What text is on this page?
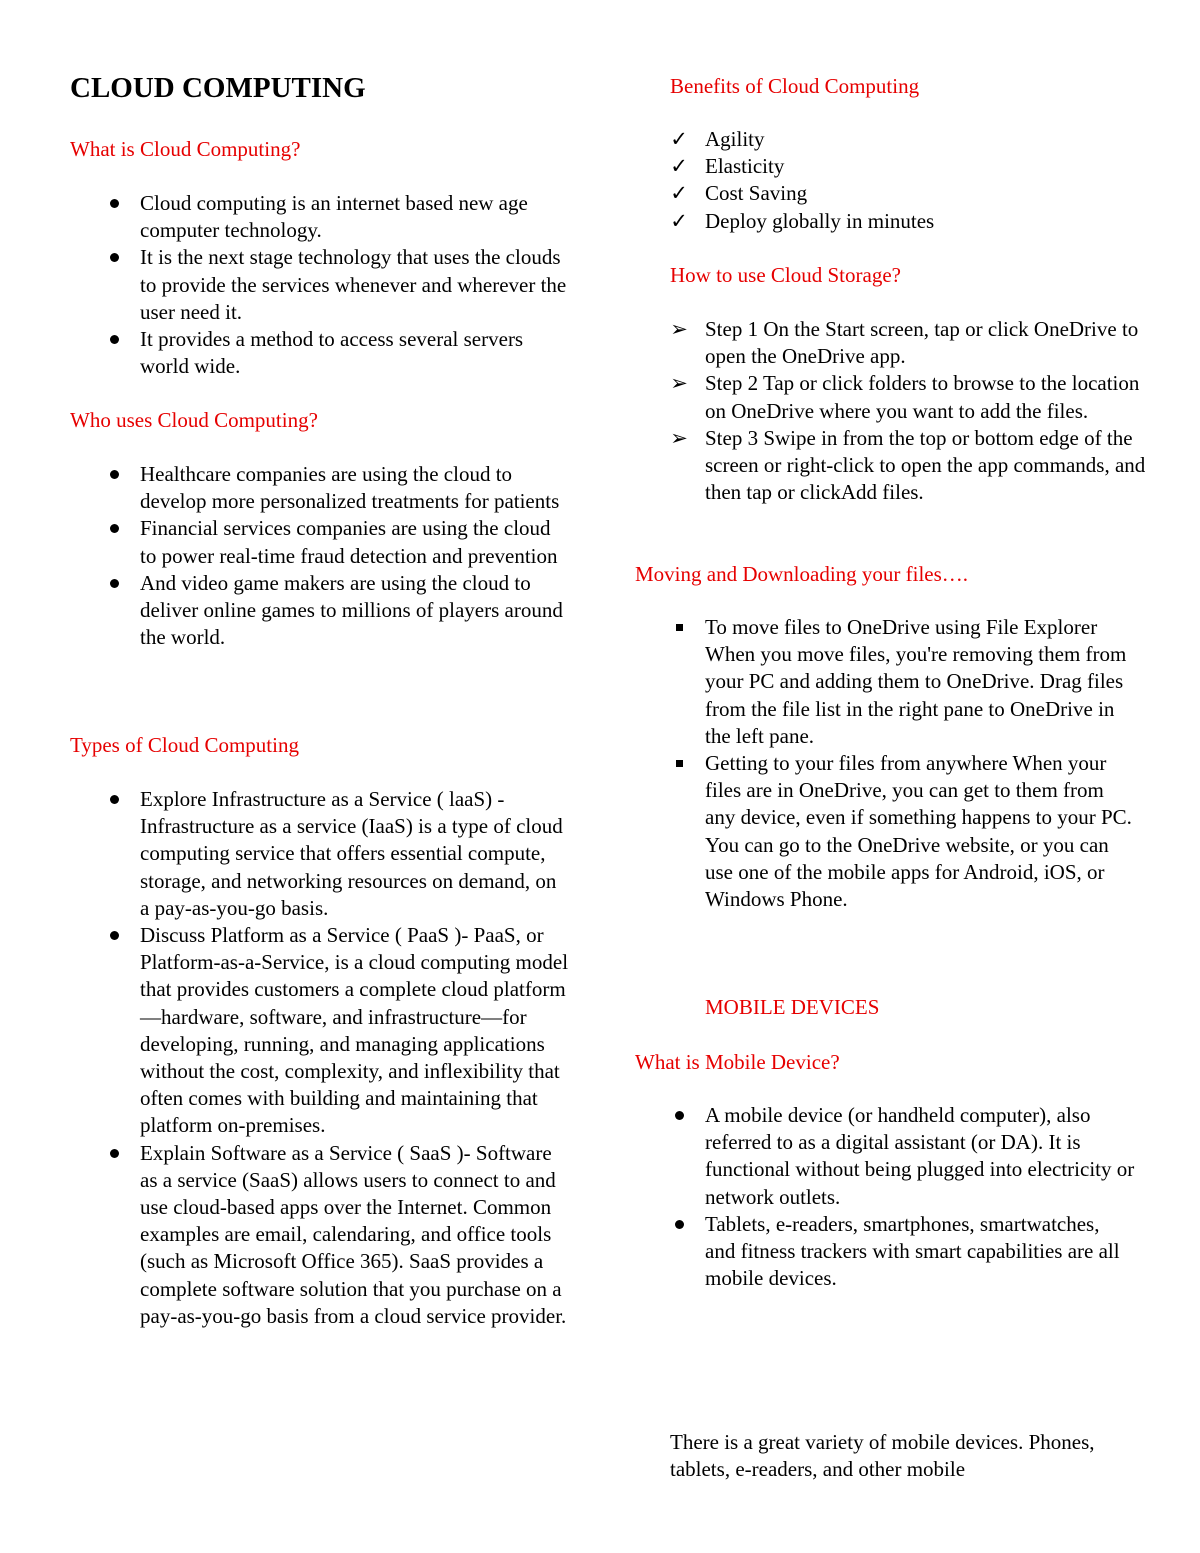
CLOUD COMPUTING
What is Cloud Computing?
Cloud computing is an internet based new age computer technology.
It is the next stage technology that uses the clouds to provide the services whenever and wherever the user need it.
It provides a method to access several servers world wide.
Who uses Cloud Computing?
Healthcare companies are using the cloud to develop more personalized treatments for patients
Financial services companies are using the cloud to power real-time fraud detection and prevention
And video game makers are using the cloud to deliver online games to millions of players around the world.
Types of Cloud Computing
Explore Infrastructure as a Service ( laaS) - Infrastructure as a service (IaaS) is a type of cloud computing service that offers essential compute, storage, and networking resources on demand, on a pay-as-you-go basis.
Discuss Platform as a Service ( PaaS )- PaaS, or Platform-as-a-Service, is a cloud computing model that provides customers a complete cloud platform—hardware, software, and infrastructure—for developing, running, and managing applications without the cost, complexity, and inflexibility that often comes with building and maintaining that platform on-premises.
Explain Software as a Service ( SaaS )- Software as a service (SaaS) allows users to connect to and use cloud-based apps over the Internet. Common examples are email, calendaring, and office tools (such as Microsoft Office 365). SaaS provides a complete software solution that you purchase on a pay-as-you-go basis from a cloud service provider.
Benefits of Cloud Computing
✓ Agility
✓ Elasticity
✓ Cost Saving
✓ Deploy globally in minutes
How to use Cloud Storage?
➢ Step 1 On the Start screen, tap or click OneDrive to open the OneDrive app.
➢ Step 2 Tap or click folders to browse to the location on OneDrive where you want to add the files.
➢ Step 3 Swipe in from the top or bottom edge of the screen or right-click to open the app commands, and then tap or clickAdd files.
Moving and Downloading your files….
To move files to OneDrive using File Explorer When you move files, you're removing them from your PC and adding them to OneDrive. Drag files from the file list in the right pane to OneDrive in the left pane.
Getting to your files from anywhere When your files are in OneDrive, you can get to them from any device, even if something happens to your PC. You can go to the OneDrive website, or you can use one of the mobile apps for Android, iOS, or Windows Phone.
MOBILE DEVICES
What is Mobile Device?
A mobile device (or handheld computer), also referred to as a digital assistant (or DA). It is functional without being plugged into electricity or network outlets.
Tablets, e-readers, smartphones, smartwatches, and fitness trackers with smart capabilities are all mobile devices.

There is a great variety of mobile devices. Phones, tablets, e-readers, and other mobile
